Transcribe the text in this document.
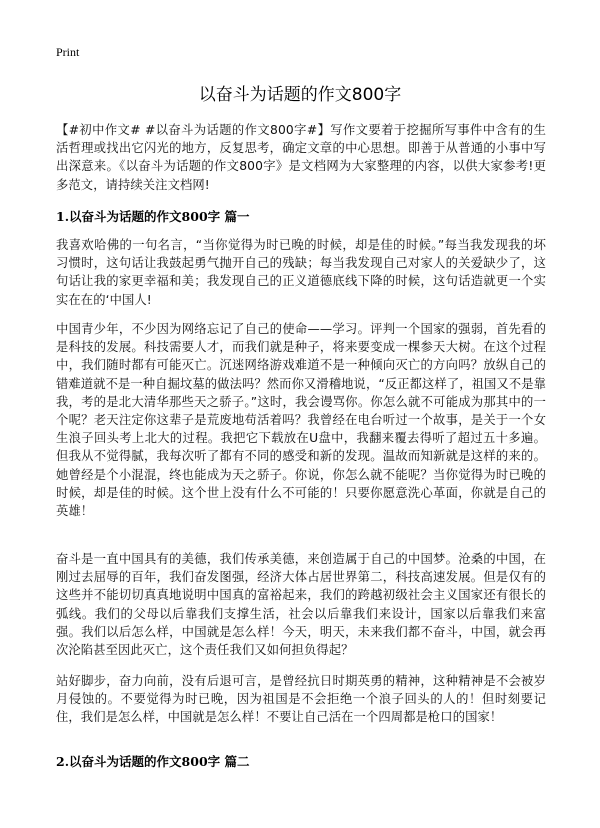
Print
以奋斗为话题的作文800字

【#初中作文# #以奋斗为话题的作文800字#】写作文要着于挖掘所写事件中含有的生活哲理或找出它闪光的地方，反复思考，确定文章的中心思想。即善于从普通的小事中写出深意来。《以奋斗为话题的作文800字》是文档网为大家整理的内容，以供大家参考!更多范文，请持续关注文档网!

1.以奋斗为话题的作文800字 篇一

我喜欢哈佛的一句名言，“当你觉得为时已晚的时候，却是佳的时候。”每当我发现我的坏习惯时，这句话让我鼓起勇气抛开自己的残缺；每当我发现自己对家人的关爱缺少了，这句话让我的家更幸福和美；我发现自己的正义道德底线下降的时候，这句话造就更一个实实在在的‘中国人!

中国青少年，不少因为网络忘记了自己的使命——学习。评判一个国家的强弱，首先看的是科技的发展。科技需要人才，而我们就是种子，将来要变成一棵参天大树。在这个过程中，我们随时都有可能灭亡。沉迷网络游戏难道不是一种倾向灭亡的方向吗？放纵自己的错难道就不是一种自掘坟墓的做法吗？然而你又滑稽地说，“反正都这样了，祖国又不是靠我，考的是北大清华那些天之骄子。”这时，我会谩骂你。你怎么就不可能成为那其中的一个呢？老天注定你这辈子是荒废地苟活着吗？我曾经在电台听过一个故事，是关于一个女生浪子回头考上北大的过程。我把它下载放在U盘中，我翻来覆去得听了超过五十多遍。但我从不觉得腻，我每次听了都有不同的感受和新的发现。温故而知新就是这样的来的。她曾经是个小混混，终也能成为天之骄子。你说，你怎么就不能呢？当你觉得为时已晚的时候，却是佳的时候。这个世上没有什么不可能的！只要你愿意洗心革面，你就是自己的英雄！

奋斗是一直中国具有的美德，我们传承美德，来创造属于自己的中国梦。沧桑的中国，在刚过去屈辱的百年，我们奋发图强，经济大体占居世界第二，科技高速发展。但是仅有的这些并不能切切真真地说明中国真的富裕起来，我们的跨越初级社会主义国家还有很长的弧线。我们的父母以后靠我们支撑生活，社会以后靠我们来设计，国家以后靠我们来富强。我们以后怎么样，中国就是怎么样！今天，明天，未来我们都不奋斗，中国，就会再次沦陷甚至因此灭亡，这个责任我们又如何担负得起？

站好脚步，奋力向前，没有后退可言，是曾经抗日时期英勇的精神，这种精神是不会被岁月侵蚀的。不要觉得为时已晚，因为祖国是不会拒绝一个浪子回头的人的！但时刻要记住，我们是怎么样，中国就是怎么样！不要让自己活在一个四周都是枪口的国家！

2.以奋斗为话题的作文800字 篇二
